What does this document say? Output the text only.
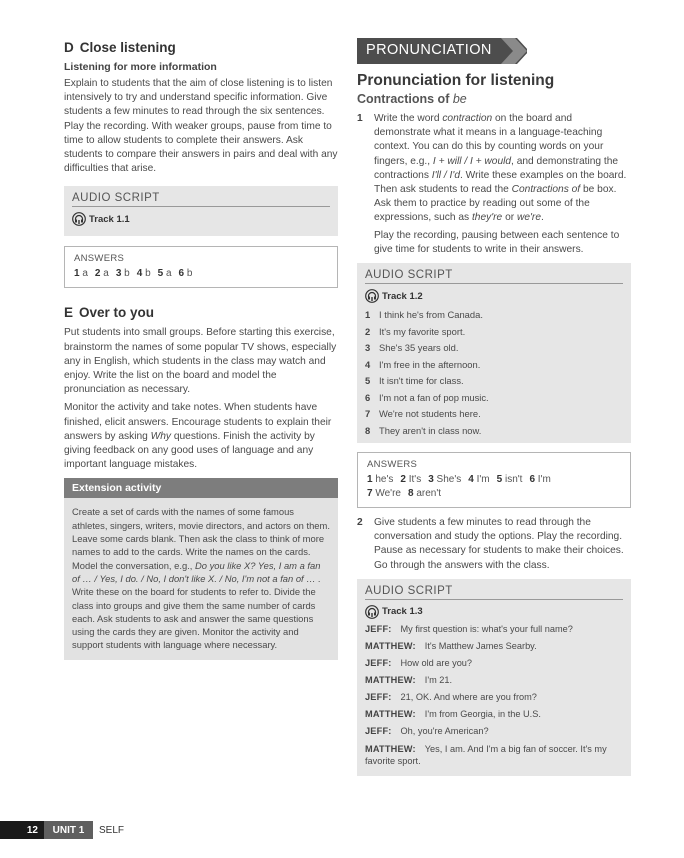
D Close listening
Listening for more information

Explain to students that the aim of close listening is to listen intensively to try and understand specific information. Give students a few minutes to read through the six sentences. Play the recording. With weaker groups, pause from time to time to allow students to complete their answers. Ask students to compare their answers in pairs and deal with any difficulties that arise.

AUDIO SCRIPT
Track 1.1
ANSWERS
1 a 2 a 3 b 4 b 5 a 6 b
E Over to you

Put students into small groups. Before starting this exercise, brainstorm the names of some popular TV shows, especially any in English, which students in the class may watch and enjoy. Write the list on the board and model the pronunciation as necessary.

Monitor the activity and take notes. When students have finished, elicit answers. Encourage students to explain their answers by asking Why questions. Finish the activity by giving feedback on any good uses of language and any important language mistakes.

Extension activity
Create a set of cards with the names of some famous athletes, singers, writers, movie directors, and actors on them. Leave some cards blank. Then ask the class to think of more names to add to the cards. Write the names on the cards. Model the conversation, e.g., Do you like X? Yes, I am a fan of … / Yes, I do. / No, I don't like X. / No, I'm not a fan of … . Write these on the board for students to refer to. Divide the class into groups and give them the same number of cards each. Ask students to ask and answer the same questions using the cards they are given. Monitor the activity and support students with language where necessary.
PRONUNCIATION
Pronunciation for listening
Contractions of be
1	Write the word contraction on the board and demonstrate what it means in a language-teaching context. You can do this by counting words on your fingers, e.g., I + will / I + would, and demonstrating the contractions I'll / I'd. Write these examples on the board. Then ask students to read the Contractions of be box. Ask them to practice by reading out some of the expressions, such as they're or we're.
Play the recording, pausing between each sentence to give time for students to write in their answers.
AUDIO SCRIPT
Track 1.2
1 I think he's from Canada.
2 It's my favorite sport.
3 She's 35 years old.
4 I'm free in the afternoon.
5 It isn't time for class.
6 I'm not a fan of pop music.
7 We're not students here.
8 They aren't in class now.
ANSWERS
1 he's 2 It's 3 She's 4 I'm 5 isn't 6 I'm
7 We're 8 aren't
2	Give students a few minutes to read through the conversation and study the options. Play the recording. Pause as necessary for students to make their choices. Go through the answers with the class.
AUDIO SCRIPT
Track 1.3
JEFF: My first question is: what's your full name?
MATTHEW: It's Matthew James Searby.
JEFF: How old are you?
MATTHEW: I'm 21.
JEFF: 21, OK. And where are you from?
MATTHEW: I'm from Georgia, in the U.S.
JEFF: Oh, you're American?
MATTHEW: Yes, I am. And I'm a big fan of soccer. It's my favorite sport.
12	UNIT 1	SELF
